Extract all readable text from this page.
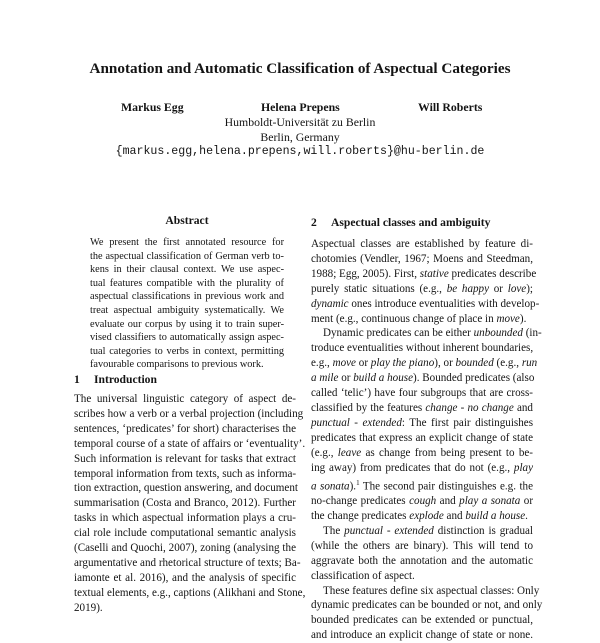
Annotation and Automatic Classification of Aspectual Categories
Markus Egg	Helena Prepens	Will Roberts
Humboldt-Universität zu Berlin
Berlin, Germany
{markus.egg,helena.prepens,will.roberts}@hu-berlin.de
Abstract
We present the first annotated resource for
the aspectual classification of German verb to-
kens in their clausal context. We use aspec-
tual features compatible with the plurality of
aspectual classifications in previous work and
treat aspectual ambiguity systematically. We
evaluate our corpus by using it to train super-
vised classifiers to automatically assign aspec-
tual categories to verbs in context, permitting
favourable comparisons to previous work.
1 Introduction
The universal linguistic category of aspect de-
scribes how a verb or a verbal projection (including
sentences, ‘predicates’ for short) characterises the
temporal course of a state of affairs or ‘eventuality’.
Such information is relevant for tasks that extract
temporal information from texts, such as informa-
tion extraction, question answering, and document
summarisation (Costa and Branco, 2012). Further
tasks in which aspectual information plays a cru-
cial role include computational semantic analysis
(Caselli and Quochi, 2007), zoning (analysing the
argumentative and rhetorical structure of texts; Ba-
iamonte et al. 2016), and the analysis of specific
textual elements, e.g., captions (Alikhani and Stone,
2019).
2 Aspectual classes and ambiguity
Aspectual classes are established by feature di-
chotomies (Vendler, 1967; Moens and Steedman,
1988; Egg, 2005). First, stative predicates describe
purely static situations (e.g., be happy or love);
dynamic ones introduce eventualities with develop-
ment (e.g., continuous change of place in move).
Dynamic predicates can be either unbounded (in-
troduce eventualities without inherent boundaries,
e.g., move or play the piano), or bounded (e.g., run
a mile or build a house). Bounded predicates (also
called ‘telic’) have four subgroups that are cross-
classified by the features change - no change and
punctual - extended: The first pair distinguishes
predicates that express an explicit change of state
(e.g., leave as change from being present to be-
ing away) from predicates that do not (e.g., play
a sonata).$^1$ The second pair distinguishes e.g. the
no-change predicates cough and play a sonata or
the change predicates explode and build a house.
The punctual - extended distinction is gradual
(while the others are binary). This will tend to
aggravate both the annotation and the automatic
classification of aspect.
These features define six aspectual classes: Only
dynamic predicates can be bounded or not, and only
bounded predicates can be extended or punctual,
and introduce an explicit change of state or none.
